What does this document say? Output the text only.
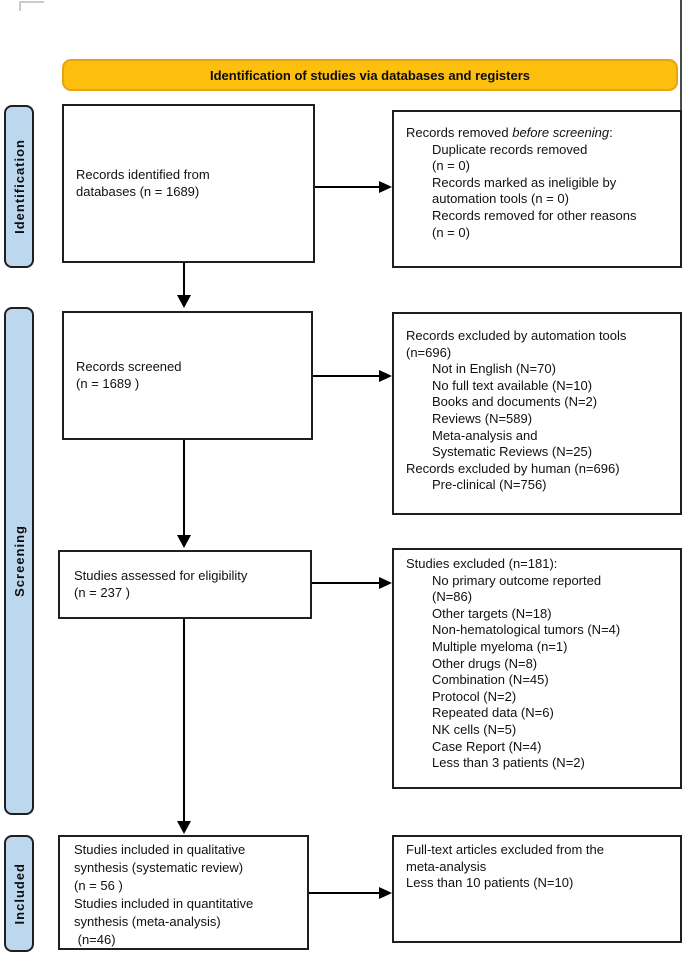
Identification of studies via databases and registers
Identification
Screening
Included
Records identified from
databases (n = 1689)
Records removed before screening:
Duplicate records removed
(n = 0)
Records marked as ineligible by
automation tools (n = 0)
Records removed for other reasons
(n = 0)
Records screened
(n = 1689 )
Records excluded by automation tools
(n=696)
Not in English (N=70)
No full text available (N=10)
Books and documents (N=2)
Reviews (N=589)
Meta-analysis and
Systematic Reviews (N=25)
Records excluded by human (n=696)
Pre-clinical (N=756)
Studies assessed for eligibility
(n = 237 )
Studies excluded (n=181):
No primary outcome reported
(N=86)
Other targets (N=18)
Non-hematological tumors (N=4)
Multiple myeloma (n=1)
Other drugs (N=8)
Combination (N=45)
Protocol (N=2)
Repeated data (N=6)
NK cells (N=5)
Case Report (N=4)
Less than 3 patients (N=2)
Studies included in qualitative
synthesis (systematic review)
(n = 56 )
Studies included in quantitative
synthesis (meta-analysis)
(n=46)
Full-text articles excluded from the
meta-analysis
Less than 10 patients (N=10)
